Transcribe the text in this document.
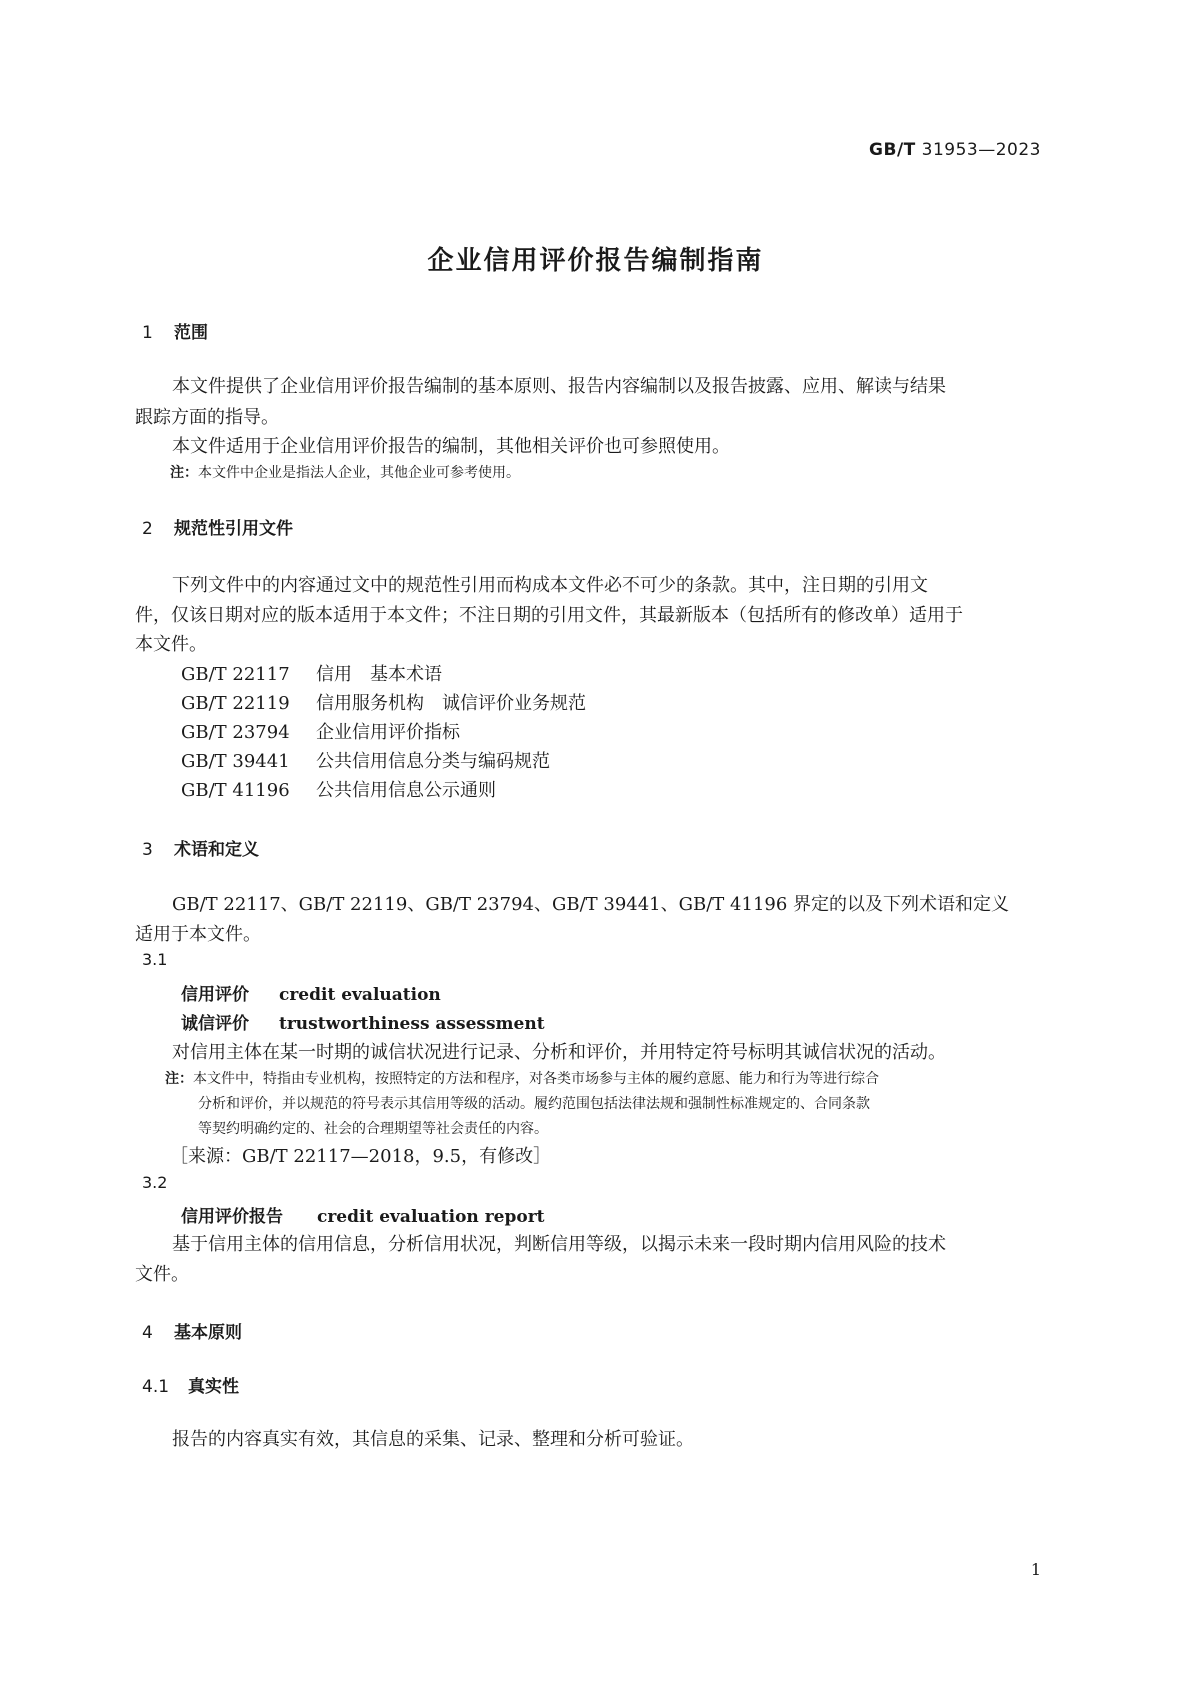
GB/T 31953—2023
企业信用评价报告编制指南
1 范围
本文件提供了企业信用评价报告编制的基本原则、报告内容编制以及报告披露、应用、解读与结果
跟踪方面的指导。
本文件适用于企业信用评价报告的编制，其他相关评价也可参照使用。
注：本文件中企业是指法人企业，其他企业可参考使用。
2 规范性引用文件
下列文件中的内容通过文中的规范性引用而构成本文件必不可少的条款。其中，注日期的引用文
件，仅该日期对应的版本适用于本文件；不注日期的引用文件，其最新版本（包括所有的修改单）适用于
本文件。
GB/T 22117 信用　基本术语
GB/T 22119 信用服务机构　诚信评价业务规范
GB/T 23794 企业信用评价指标
GB/T 39441 公共信用信息分类与编码规范
GB/T 41196 公共信用信息公示通则
3 术语和定义
GB/T 22117、GB/T 22119、GB/T 23794、GB/T 39441、GB/T 41196 界定的以及下列术语和定义
适用于本文件。
3.1
信用评价 credit evaluation
诚信评价 trustworthiness assessment
对信用主体在某一时期的诚信状况进行记录、分析和评价，并用特定符号标明其诚信状况的活动。
注：本文件中，特指由专业机构，按照特定的方法和程序，对各类市场参与主体的履约意愿、能力和行为等进行综合
分析和评价，并以规范的符号表示其信用等级的活动。履约范围包括法律法规和强制性标准规定的、合同条款
等契约明确约定的、社会的合理期望等社会责任的内容。
［来源：GB/T 22117—2018，9.5，有修改］
3.2
信用评价报告 credit evaluation report
基于信用主体的信用信息，分析信用状况，判断信用等级，以揭示未来一段时期内信用风险的技术
文件。
4 基本原则
4.1 真实性
报告的内容真实有效，其信息的采集、记录、整理和分析可验证。
1
